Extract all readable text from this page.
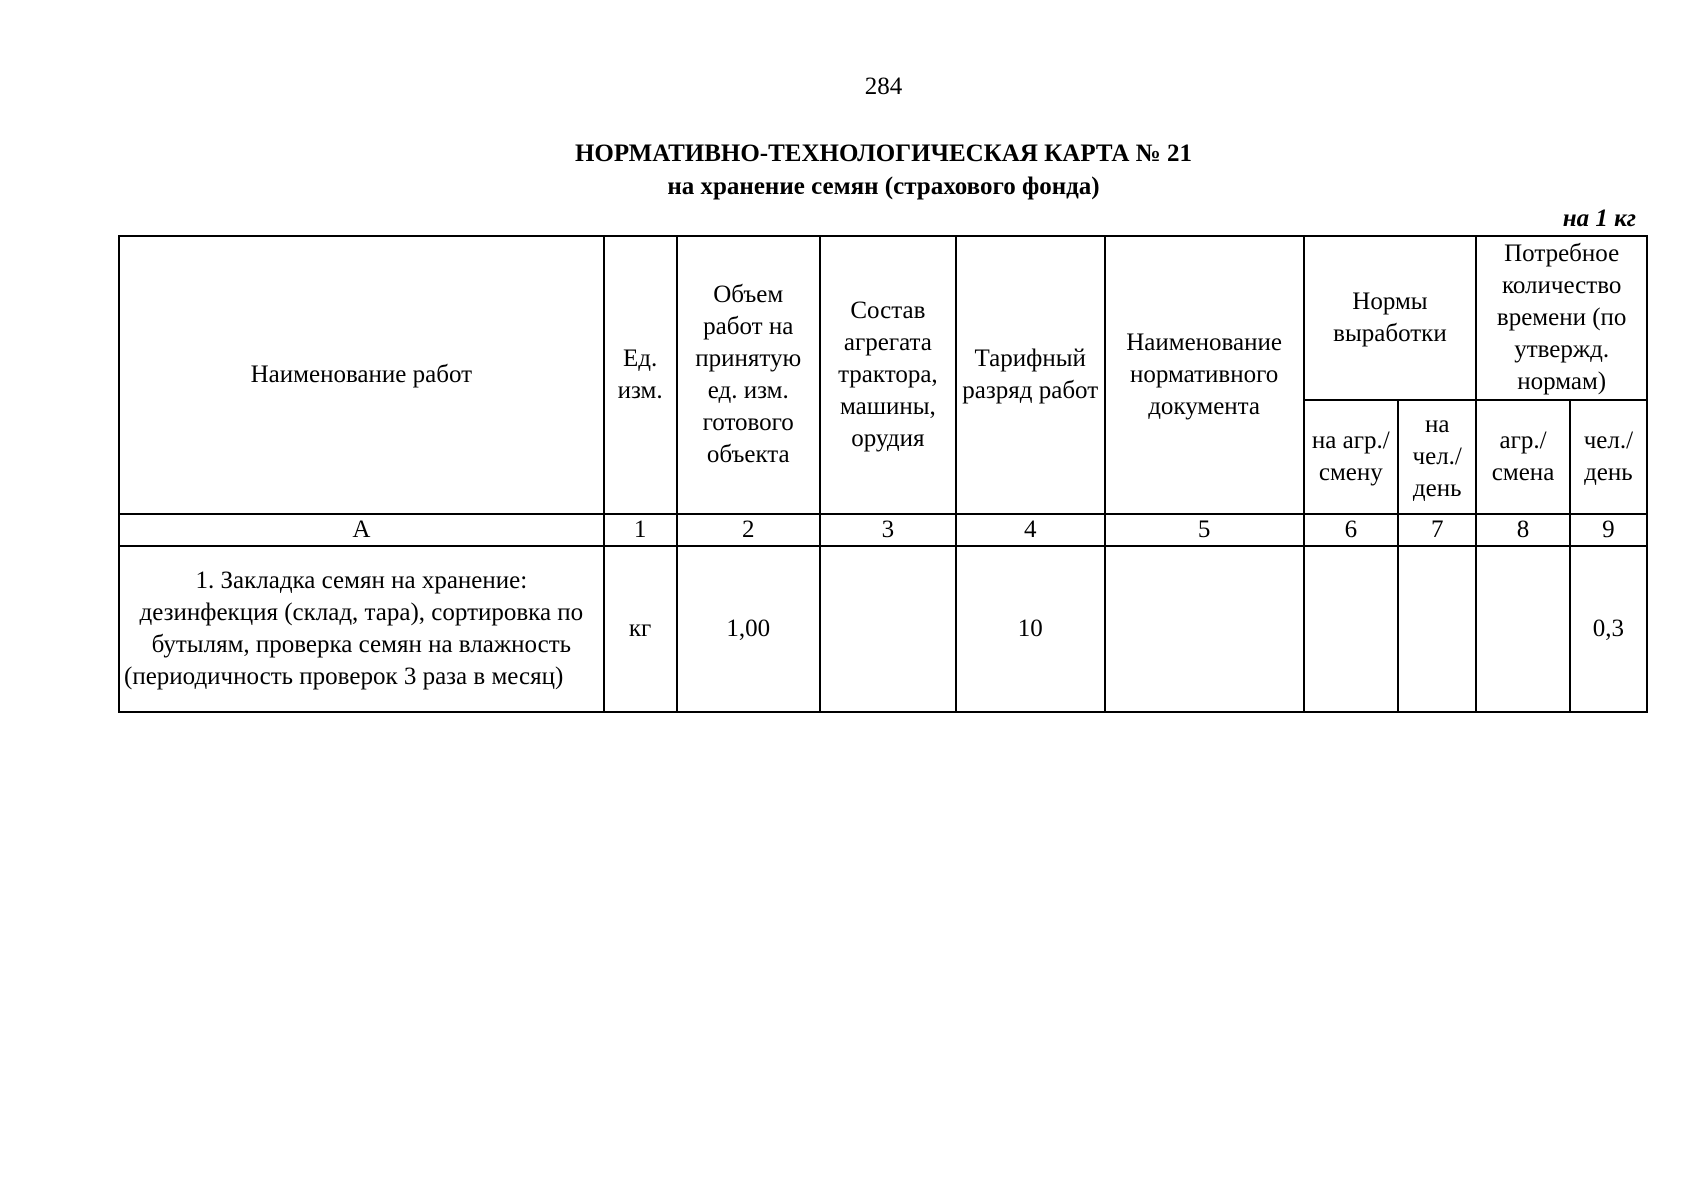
284
НОРМАТИВНО-ТЕХНОЛОГИЧЕСКАЯ КАРТА № 21
на хранение семян (страхового фонда)
на 1 кг
Наименование работ	Ед. изм.	Объем работ на принятую ед. изм. готового объекта	Состав агрегата трактора, машины, орудия	Тарифный разряд работ	Наименование нормативного документа	Нормы выработки		Потребное количество времени (по утвержд. нормам)	
						на агр./ смену	на чел./ день	агр./ смена	чел./ день
А	1	2	3	4	5	6	7	8	9
1. Закладка семян на хранение: дезинфекция (склад, тара), сортировка по бутылям, проверка семян на влажность (периодичность проверок 3 раза в месяц)	кг	1,00		10					0,3
